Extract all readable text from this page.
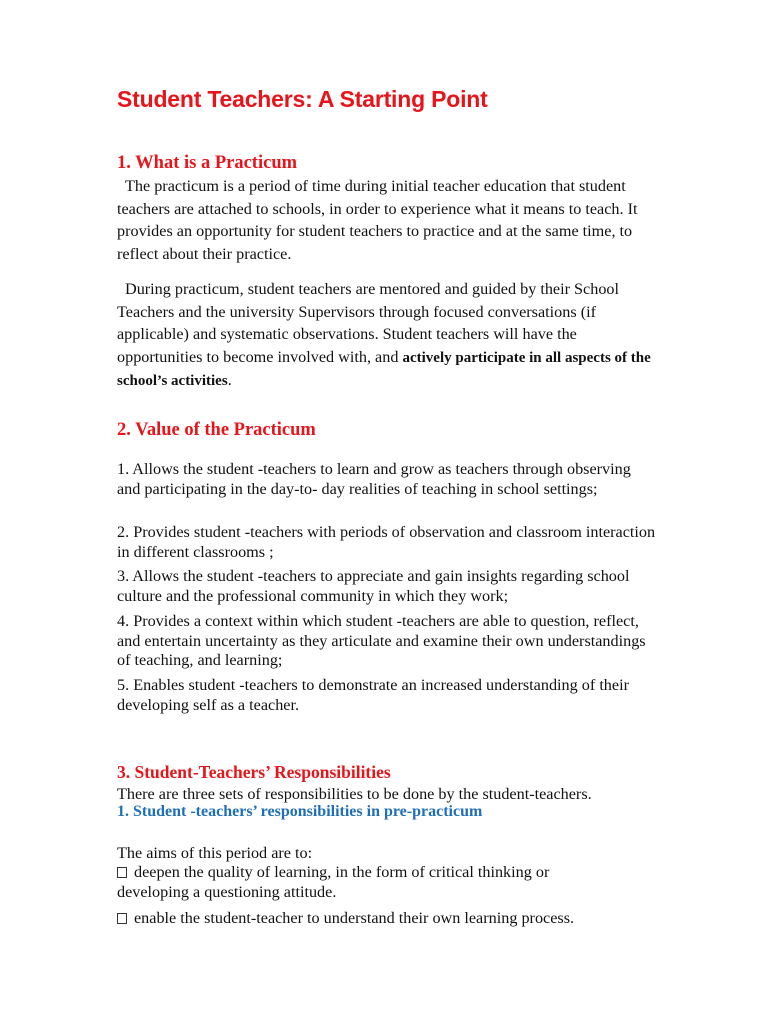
Student Teachers: A Starting Point
1. What is a Practicum

The practicum is a period of time during initial teacher education that student teachers are attached to schools, in order to experience what it means to teach. It provides an opportunity for student teachers to practice and at the same time, to reflect about their practice.

During practicum, student teachers are mentored and guided by their School Teachers and the university Supervisors through focused conversations (if applicable) and systematic observations. Student teachers will have the opportunities to become involved with, and actively participate in all aspects of the school’s activities.

2. Value of the Practicum

1. Allows the student -teachers to learn and grow as teachers through observing and participating in the day-to- day realities of teaching in school settings;

2. Provides student -teachers with periods of observation and classroom interaction in different classrooms ;

3. Allows the student -teachers to appreciate and gain insights regarding school culture and the professional community in which they work;

4. Provides a context within which student -teachers are able to question, reflect, and entertain uncertainty as they articulate and examine their own understandings of teaching, and learning;

5. Enables student -teachers to demonstrate an increased understanding of their developing self as a teacher.

3. Student-Teachers’ Responsibilities

There are three sets of responsibilities to be done by the student-teachers.

1. Student -teachers’ responsibilities in pre-practicum

The aims of this period are to:

deepen the quality of learning, in the form of critical thinking or
developing a questioning attitude.
enable the student-teacher to understand their own learning process.
